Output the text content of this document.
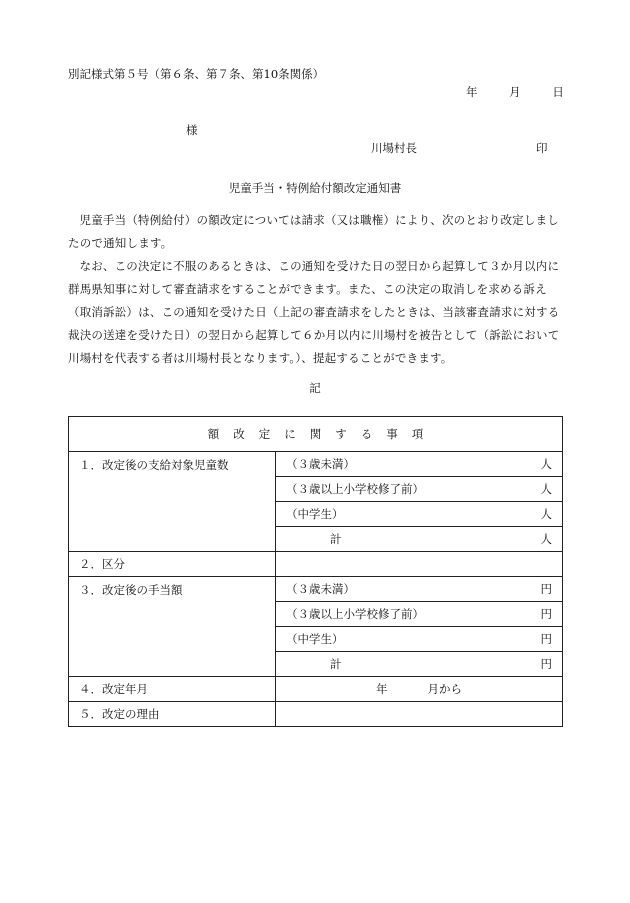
別記様式第５号（第６条、第７条、第10条関係）
年	月	日
様
川場村長	印
児童手当・特例給付額改定通知書
児童手当（特例給付）の額改定については請求（又は職権）により、次のとおり改定しましたので通知します。
なお、この決定に不服のあるときは、この通知を受けた日の翌日から起算して３か月以内に群馬県知事に対して審査請求をすることができます。また、この決定の取消しを求める訴え（取消訴訟）は、この通知を受けた日（上記の審査請求をしたときは、当該審査請求に対する裁決の送達を受けた日）の翌日から起算して６か月以内に川場村を被告として（訴訟において川場村を代表する者は川場村長となります。）、提起することができます。
記
額改定に関する事項	
１．改定後の支給対象児童数	（３歳未満） 人

	（３歳以上小学校修了前） 人

	（中学生） 人

	計 人

２．区分	
３．改定後の手当額	（３歳未満） 円

	（３歳以上小学校修了前） 円

	（中学生） 円

	計 円

４．改定年月	年 月から
５．改定の理由	
